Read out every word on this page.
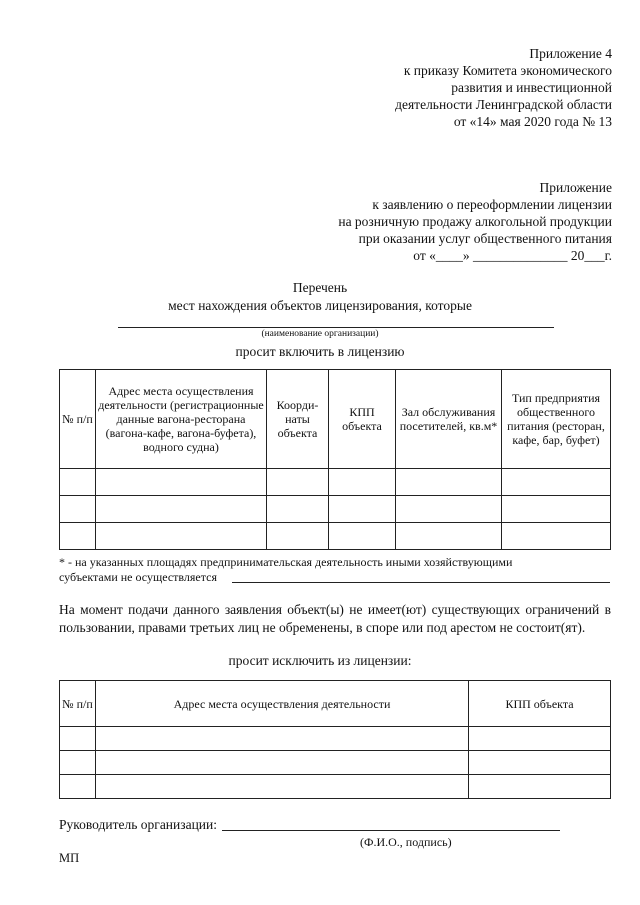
Приложение 4
к приказу Комитета экономического
развития и инвестиционной
деятельности Ленинградской области
от «14» мая 2020 года № 13
Приложение
к заявлению о переоформлении лицензии
на розничную продажу алкогольной продукции
при оказании услуг общественного питания
от «____» ______________ 20___г.
Перечень
мест нахождения объектов лицензирования, которые
(наименование организации)
просит включить в лицензию
№ п/п	Адрес места осуществления деятельности (регистрационные данные вагона-ресторана (вагона-кафе, вагона-буфета), водного судна)	Коорди-наты объекта	КПП объекта	Зал обслуживания посетителей, кв.м*	Тип предприятия общественного питания (ресторан, кафе, бар, буфет)

* - на указанных площадях предпринимательская деятельность иными хозяйствующими
субъектами не осуществляется
На момент подачи данного заявления объект(ы) не имеет(ют) существующих ограничений в пользовании, правами третьих лиц не обременены, в споре или под арестом не состоит(ят).
просит исключить из лицензии:
№ п/п	Адрес места осуществления деятельности	КПП объекта

Руководитель организации:
(Ф.И.О., подпись)
МП
